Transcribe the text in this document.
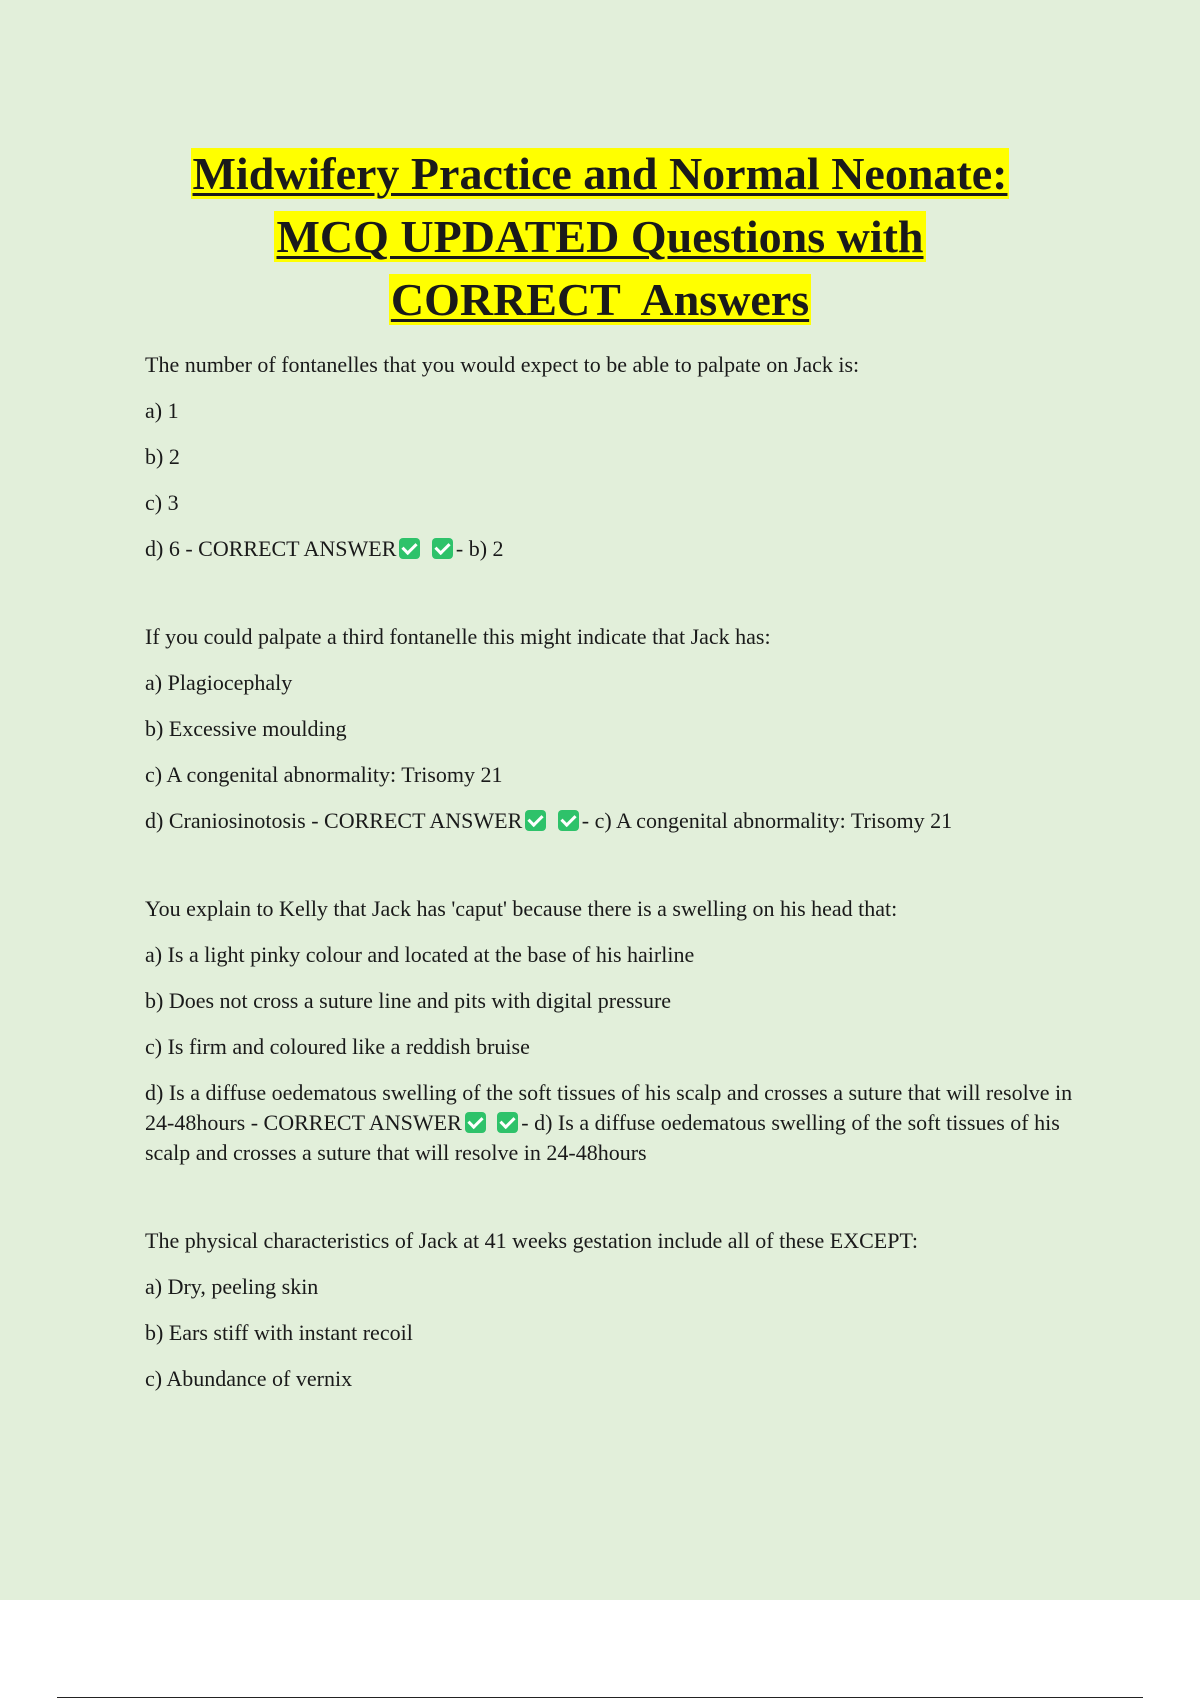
Midwifery Practice and Normal Neonate:
MCQ UPDATED Questions with
CORRECT  Answers

The number of fontanelles that you would expect to be able to palpate on Jack is:

a) 1

b) 2

c) 3

d) 6 - CORRECT ANSWER	- b) 2

If you could palpate a third fontanelle this might indicate that Jack has:

a) Plagiocephaly

b) Excessive moulding

c) A congenital abnormality: Trisomy 21

d) Craniosinotosis - CORRECT ANSWER	- c) A congenital abnormality: Trisomy 21

You explain to Kelly that Jack has 'caput' because there is a swelling on his head that:

a) Is a light pinky colour and located at the base of his hairline

b) Does not cross a suture line and pits with digital pressure

c) Is firm and coloured like a reddish bruise

d) Is a diffuse oedematous swelling of the soft tissues of his scalp and crosses a suture that will resolve in 24-48hours - CORRECT ANSWER	- d) Is a diffuse oedematous swelling of the soft tissues of his scalp and crosses a suture that will resolve in 24-48hours

The physical characteristics of Jack at 41 weeks gestation include all of these EXCEPT:

a) Dry, peeling skin

b) Ears stiff with instant recoil

c) Abundance of vernix
